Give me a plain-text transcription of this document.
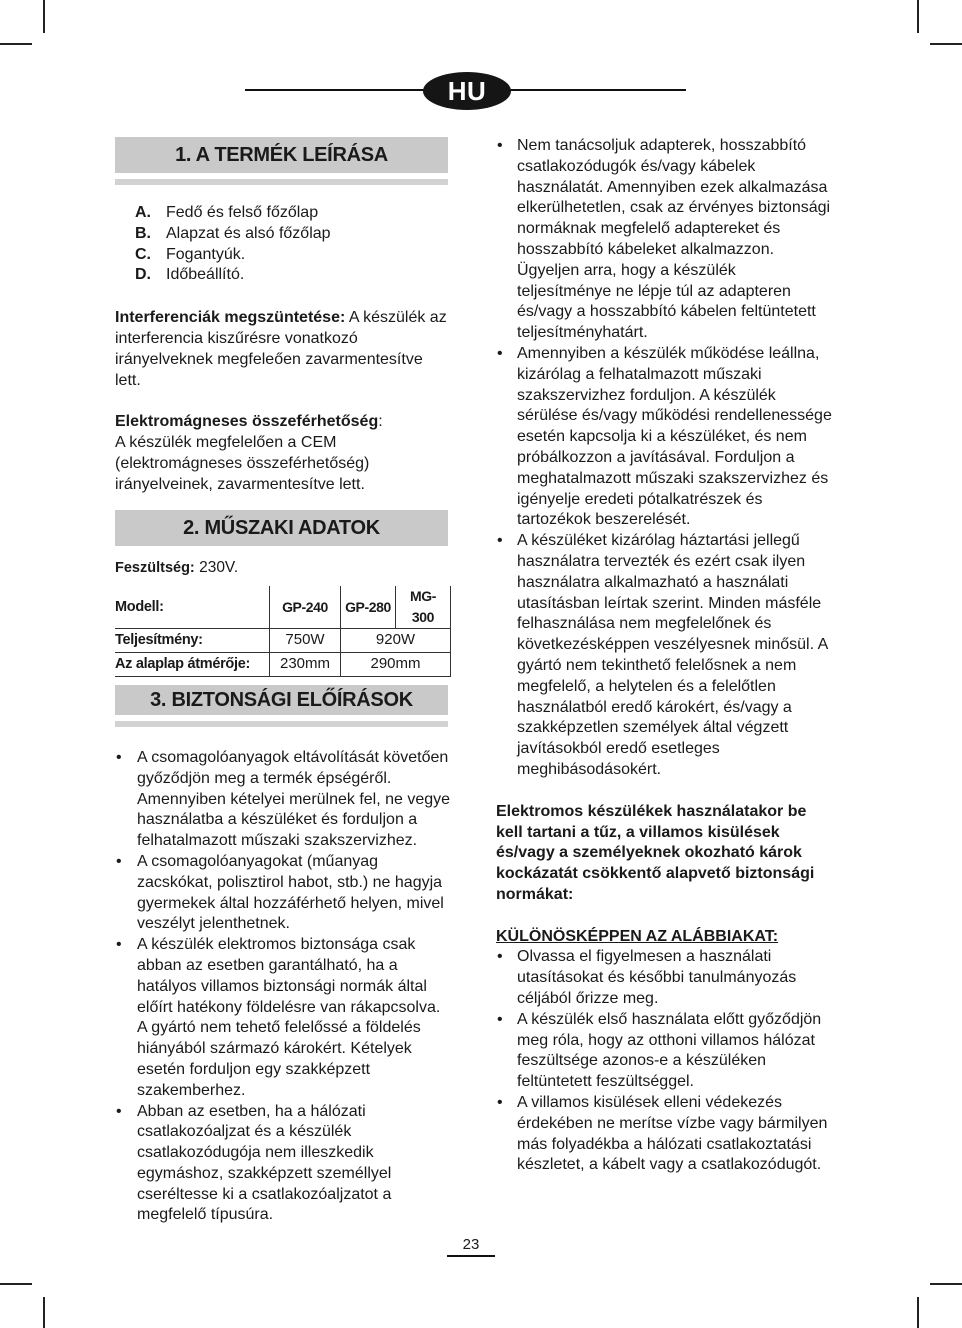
HU
1. A TERMÉK LEÍRÁSA
A. Fedő és felső főzőlap
B. Alapzat és alsó főzőlap
C. Fogantyúk.
D. Időbeállító.

Interferenciák megszüntetése: A készülék az interferencia kiszűrésre vonatkozó irányelveknek megfeleően zavarmentesítve lett.

Elektromágneses összeférhetőség:
A készülék megfelelően a CEM (elektromágneses összeférhetőség) irányelveinek, zavarmentesítve lett.

2. MŰSZAKI ADATOK

Feszültség: 230V.

Modell:	GP-240	GP-280	MG-300
Teljesítmény:	750W	920W	
Az alaplap átmérője:	230mm	290mm	
3. BIZTONSÁGI ELŐÍRÁSOK
• A csomagolóanyagok eltávolítását követően győződjön meg a termék épségéről. Amennyiben kételyei merülnek fel, ne vegye használatba a készüléket és forduljon a felhatalmazott műszaki szakszervizhez.
• A csomagolóanyagokat (műanyag zacskókat, polisztirol habot, stb.) ne hagyja gyermekek által hozzáférhető helyen, mivel veszélyt jelenthetnek.
• A készülék elektromos biztonsága csak abban az esetben garantálható, ha a hatályos villamos biztonsági normák által előírt hatékony földelésre van rákapcsolva. A gyártó nem tehető felelőssé a földelés hiányából származó károkért. Kételyek esetén forduljon egy szakképzett szakemberhez.
• Abban az esetben, ha a hálózati csatlakozóaljzat és a készülék csatlakozódugója nem illeszkedik egymáshoz, szakképzett személlyel cseréltesse ki a csatlakozóaljzatot a megfelelő típusúra.
• Nem tanácsoljuk adapterek, hosszabbító csatlakozódugók és/vagy kábelek használatát. Amennyiben ezek alkalmazása elkerülhetetlen, csak az érvényes biztonsági normáknak megfelelő adaptereket és hosszabbító kábeleket alkalmazzon. Ügyeljen arra, hogy a készülék teljesítménye ne lépje túl az adapteren és/vagy a hosszabbító kábelen feltüntetett teljesítményhatárt.
• Amennyiben a készülék működése leállna, kizárólag a felhatalmazott műszaki szakszervizhez forduljon. A készülék sérülése és/vagy működési rendellenessége esetén kapcsolja ki a készüléket, és nem próbálkozzon a javításával. Forduljon a meghatalmazott műszaki szakszervizhez és igényelje eredeti pótalkatrészek és tartozékok beszerelését.
• A készüléket kizárólag háztartási jellegű használatra tervezték és ezért csak ilyen használatra alkalmazható a használati utasításban leírtak szerint. Minden másféle felhasználása nem megfelelőnek és következésképpen veszélyesnek minősül. A gyártó nem tekinthető felelősnek a nem megfelelő, a helytelen és a felelőtlen használatból eredő károkért, és/vagy a szakképzetlen személyek által végzett javításokból eredő esetleges meghibásodásokért.

Elektromos készülékek használatakor be kell tartani a tűz, a villamos kisülések és/vagy a személyeknek okozható károk kockázatát csökkentő alapvető biztonsági normákat:

KÜLÖNÖSKÉPPEN AZ ALÁBBIAKAT:

• Olvassa el figyelmesen a használati utasításokat és későbbi tanulmányozás céljából őrizze meg.
• A készülék első használata előtt győződjön meg róla, hogy az otthoni villamos hálózat feszültsége azonos-e a készüléken feltüntetett feszültséggel.
• A villamos kisülések elleni védekezés érdekében ne merítse vízbe vagy bármilyen más folyadékba a hálózati csatlakoztatási készletet, a kábelt vagy a csatlakozódugót.
23
